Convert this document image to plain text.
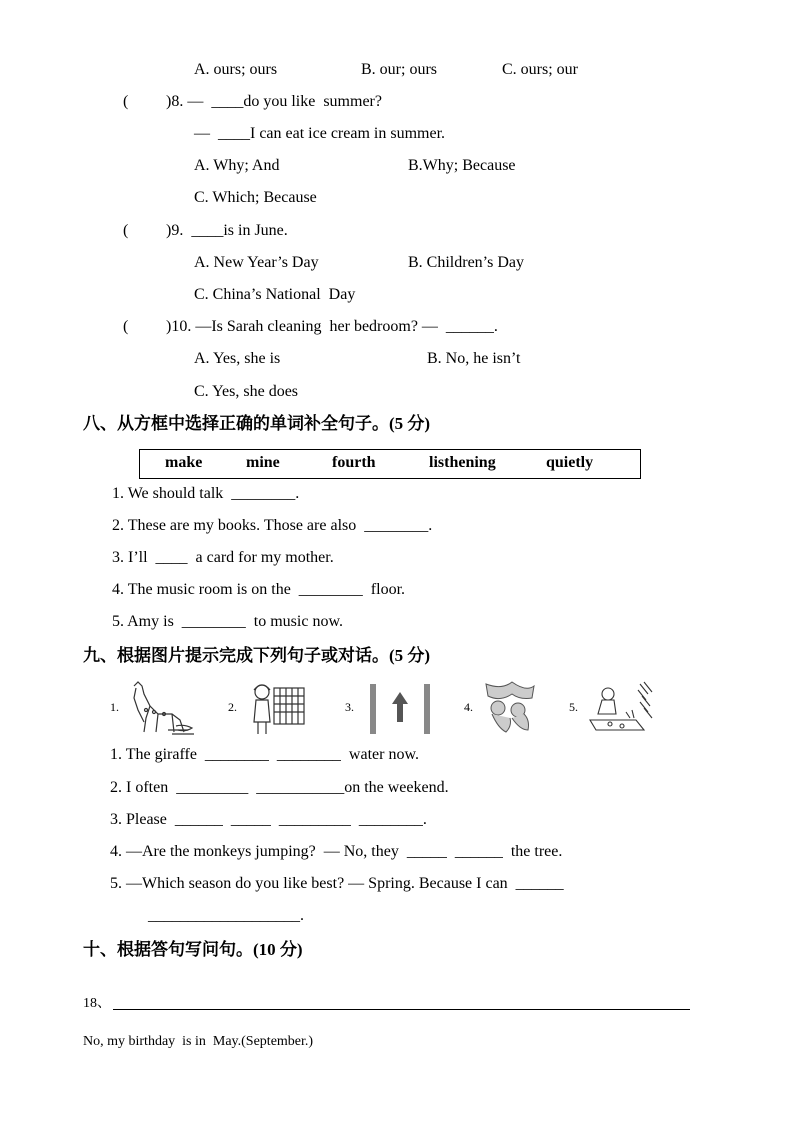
A. ours; ours	B. our; ours	C. ours; our
( )8. —  ____do you like  summer?
—  ____I can eat ice cream in summer.
A. Why; And	B.Why; Because
C. Which; Because
( )9.  ____is in June.
A. New Year’s Day	B. Children’s Day
C. China’s National  Day
( )10. —Is Sarah cleaning  her bedroom? —  ______.
A. Yes, she is	B. No, he isn’t
C. Yes, she does
八、从方框中选择正确的单词补全句子。(5 分)
make	mine	fourth	listhening	quietly
1. We should talk  ________.
2. These are my books. Those are also  ________.
3. I’ll  ____  a card for my mother.
4. The music room is on the  ________  floor.
5. Amy is  ________  to music now.
九、根据图片提示完成下列句子或对话。(5 分)
1.	2.	3.	4.	5.
1. The giraffe  ________  ________  water now.
2. I often  _________  ___________on the weekend.
3. Please  ______  _____  _________  ________.
4. —Are the monkeys jumping?  — No, they  _____  ______  the tree.
5. —Which season do you like best? — Spring. Because I can  ______
___________________.
十、根据答句写问句。(10 分)
18、
No, my birthday  is in  May.(September.)
